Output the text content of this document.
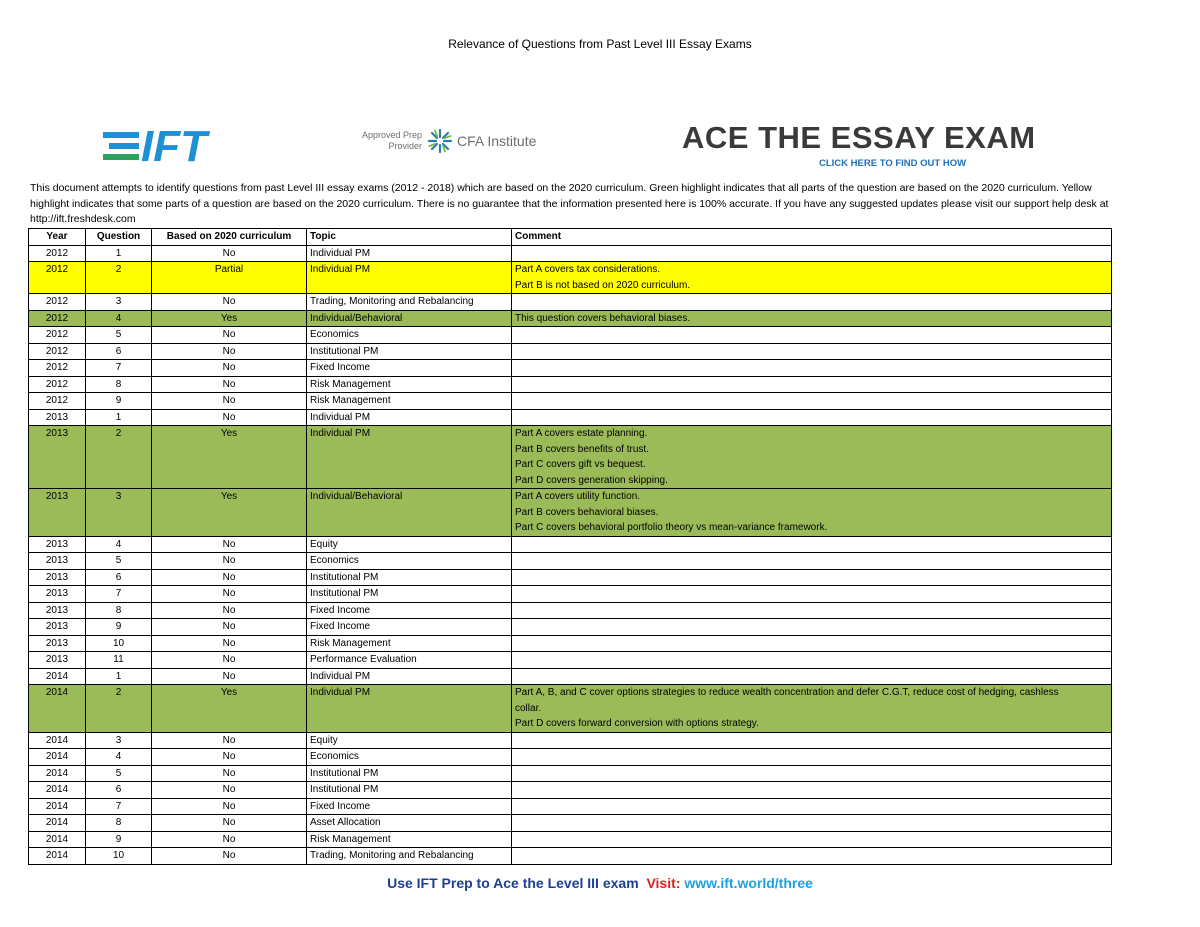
Relevance of Questions from Past Level III Essay Exams
IFT	Approved Prep
Provider	CFA Institute	ACE THE ESSAY EXAM
CLICK HERE TO FIND OUT HOW
This document attempts to identify questions from past Level III essay exams (2012 - 2018) which are based on the 2020 curriculum. Green highlight indicates that all parts of the question are based on the 2020 curriculum. Yellow highlight indicates that some parts of a question are based on the 2020 curriculum. There is no guarantee that the information presented here is 100% accurate. If you have any suggested updates please visit our support help desk at http://ift.freshdesk.com
Year	Question	Based on 2020 curriculum	Topic	Comment
2012	1	No	Individual PM	
2012	2	Partial	Individual PM	Part A covers tax considerations.
Part B is not based on 2020 curriculum.

2012	3	No	Trading, Monitoring and Rebalancing	
2012	4	Yes	Individual/Behavioral	This question covers behavioral biases.

2012	5	No	Economics	
2012	6	No	Institutional PM	
2012	7	No	Fixed Income	
2012	8	No	Risk Management	
2012	9	No	Risk Management	
2013	1	No	Individual PM	
2013	2	Yes	Individual PM	Part A covers estate planning.
Part B covers benefits of trust.
Part C covers gift vs bequest.
Part D covers generation skipping.

2013	3	Yes	Individual/Behavioral	Part A covers utility function.
Part B covers behavioral biases.
Part C covers behavioral portfolio theory vs mean-variance framework.

2013	4	No	Equity	
2013	5	No	Economics	
2013	6	No	Institutional PM	
2013	7	No	Institutional PM	
2013	8	No	Fixed Income	
2013	9	No	Fixed Income	
2013	10	No	Risk Management	
2013	11	No	Performance Evaluation	
2014	1	No	Individual PM	
2014	2	Yes	Individual PM	Part A, B, and C cover options strategies to reduce wealth concentration and defer C.G.T, reduce cost of hedging, cashless
collar.
Part D covers forward conversion with options strategy.

2014	3	No	Equity	
2014	4	No	Economics	
2014	5	No	Institutional PM	
2014	6	No	Institutional PM	
2014	7	No	Fixed Income	
2014	8	No	Asset Allocation	
2014	9	No	Risk Management	
2014	10	No	Trading, Monitoring and Rebalancing	
Use IFT Prep to Ace the Level III exam Visit: www.ift.world/three
